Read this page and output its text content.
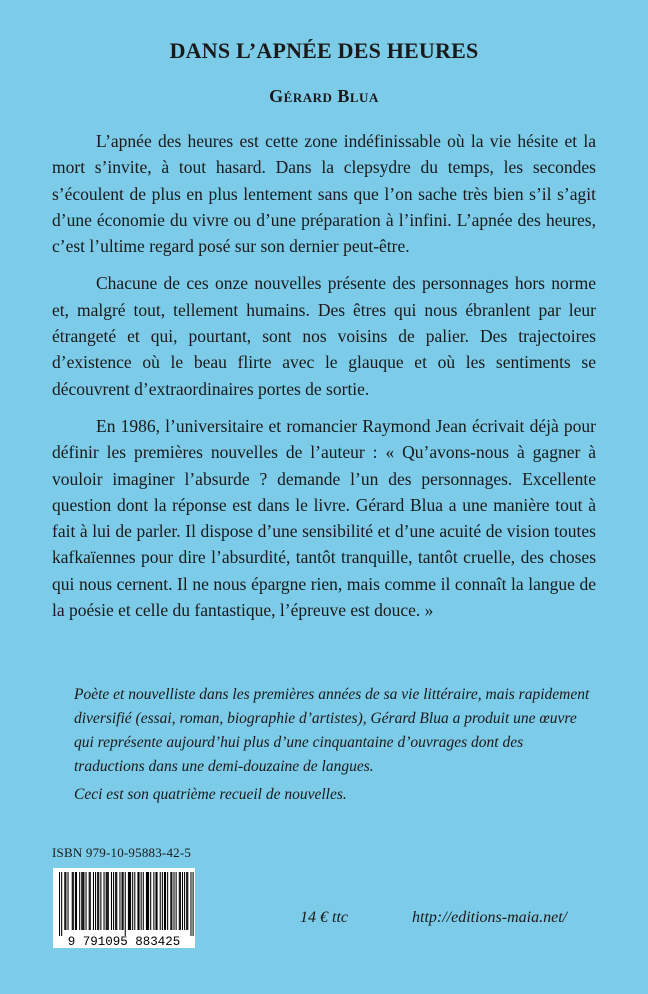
DANS L’APNÉE DES HEURES
Gérard Blua

L’apnée des heures est cette zone indéfinissable où la vie hésite et la mort s’invite, à tout hasard. Dans la clepsydre du temps, les secondes s’écoulent de plus en plus lentement sans que l’on sache très bien s’il s’agit d’une économie du vivre ou d’une préparation à l’infini. L’apnée des heures, c’est l’ultime regard posé sur son dernier peut-être.

Chacune de ces onze nouvelles présente des personnages hors norme et, malgré tout, tellement humains. Des êtres qui nous ébranlent par leur étrangeté et qui, pourtant, sont nos voisins de palier. Des trajectoires d’existence où le beau flirte avec le glauque et où les sentiments se découvrent d’extraordinaires portes de sortie.

En 1986, l’universitaire et romancier Raymond Jean écrivait déjà pour définir les premières nouvelles de l’auteur : « Qu’avons-nous à gagner à vouloir imaginer l’absurde ? demande l’un des personnages. Excellente question dont la réponse est dans le livre. Gérard Blua a une manière tout à fait à lui de parler. Il dispose d’une sensibilité et d’une acuité de vision toutes kafkaïennes pour dire l’absurdité, tantôt tranquille, tantôt cruelle, des choses qui nous cernent. Il ne nous épargne rien, mais comme il connaît la langue de la poésie et celle du fantastique, l’épreuve est douce. »

Poète et nouvelliste dans les premières années de sa vie littéraire, mais rapidement diversifié (essai, roman, biographie d’artistes), Gérard Blua a produit une œuvre qui représente aujourd’hui plus d’une cinquantaine d’ouvrages dont des traductions dans une demi-douzaine de langues.

Ceci est son quatrième recueil de nouvelles.

ISBN 979-10-95883-42-5
9 791095 883425
14 € ttc	http://editions-maia.net/
